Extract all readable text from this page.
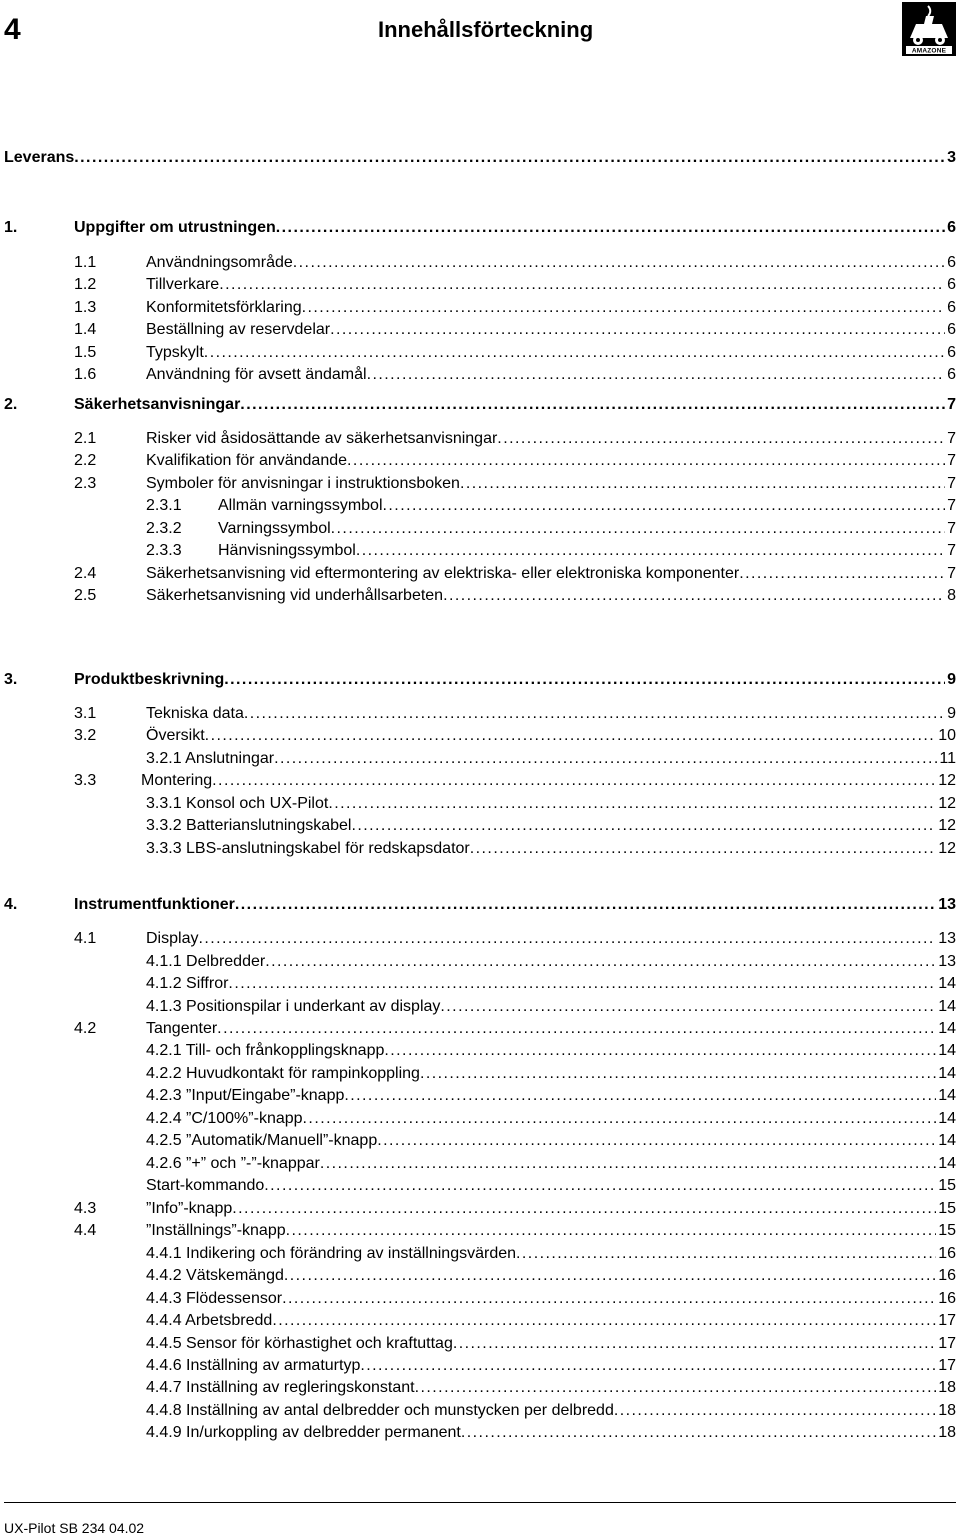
4	Innehållsförteckning
AMAZONE
Leverans . . .	3
1.	Uppgifter om utrustningen . . .	6
1.1	Användningsområde . . .	6
1.2	Tillverkare . . .	6
1.3	Konformitetsförklaring . . .	6
1.4	Beställning av reservdelar . . .	6
1.5	Typskylt . . .	6
1.6	Användning för avsett ändamål . . .	6
2.	Säkerhetsanvisningar . . .	7
2.1	Risker vid åsidosättande av säkerhetsanvisningar . . .	7
2.2	Kvalifikation för användande . . .	7
2.3	Symboler för anvisningar i instruktionsboken . . .	7
2.3.1	Allmän varningssymbol . . .	7
2.3.2	Varningssymbol . . .	7
2.3.3	Hänvisningssymbol . . .	7
2.4	Säkerhetsanvisning vid eftermontering av elektriska- eller elektroniska komponenter . . .	7
2.5	Säkerhetsanvisning vid underhållsarbeten . . .	8
3.	Produktbeskrivning . . .	9
3.1	Tekniska data . . .	9
3.2	Översikt . . .	10
3.2.1 Anslutningar . . .	11
3.3	Montering . . .	12
3.3.1 Konsol och UX-Pilot . . .	12
3.3.2 Batterianslutningskabel . . .	12
3.3.3 LBS-anslutningskabel för redskapsdator . . .	12
4.	Instrumentfunktioner . . .	13
4.1	Display . . .	13
4.1.1 Delbredder . . .	13
4.1.2 Siffror . . .	14
4.1.3 Positionspilar i underkant av display . . .	14
4.2	Tangenter . . .	14
4.2.1 Till- och frånkopplingsknapp . . .	14
4.2.2 Huvudkontakt för rampinkoppling . . .	14
4.2.3 ”Input/Eingabe”-knapp . . .	14
4.2.4 ”C/100%”-knapp . . .	14
4.2.5 ”Automatik/Manuell”-knapp . . .	14
4.2.6 ”+” och ”-”-knappar . . .	14
Start-kommando . . .	15
4.3	”Info”-knapp . . .	15
4.4	”Inställnings”-knapp . . .	15
4.4.1 Indikering och förändring av inställningsvärden . . .	16
4.4.2 Vätskemängd . . .	16
4.4.3 Flödessensor . . .	16
4.4.4 Arbetsbredd . . .	17
4.4.5 Sensor för körhastighet och kraftuttag . . .	17
4.4.6 Inställning av armaturtyp . . .	17
4.4.7 Inställning av regleringskonstant . . .	18
4.4.8 Inställning av antal delbredder och munstycken per delbredd . . .	18
4.4.9 In/urkoppling av delbredder permanent . . .	18
UX-Pilot SB 234 04.02
